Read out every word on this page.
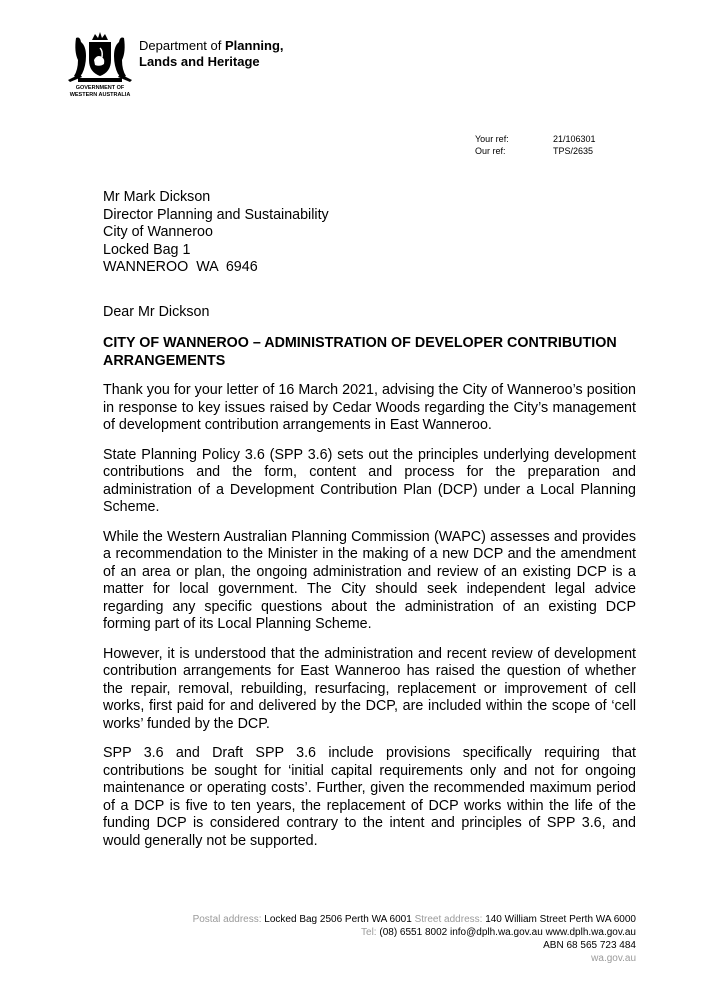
GOVERNMENT OF
WESTERN AUSTRALIA
Department of Planning,
Lands and Heritage
Your ref:	21/106301
Our ref:	TPS/2635
Mr Mark Dickson
Director Planning and Sustainability
City of Wanneroo
Locked Bag 1
WANNEROO  WA  6946
Dear Mr Dickson
CITY OF WANNEROO – ADMINISTRATION OF DEVELOPER CONTRIBUTION ARRANGEMENTS

Thank you for your letter of 16 March 2021, advising the City of Wanneroo’s position in response to key issues raised by Cedar Woods regarding the City’s management of development contribution arrangements in East Wanneroo.

State Planning Policy 3.6 (SPP 3.6) sets out the principles underlying development contributions and the form, content and process for the preparation and administration of a Development Contribution Plan (DCP) under a Local Planning Scheme.

While the Western Australian Planning Commission (WAPC) assesses and provides a recommendation to the Minister in the making of a new DCP and the amendment of an area or plan, the ongoing administration and review of an existing DCP is a matter for local government. The City should seek independent legal advice regarding any specific questions about the administration of an existing DCP forming part of its Local Planning Scheme.

However, it is understood that the administration and recent review of development contribution arrangements for East Wanneroo has raised the question of whether the repair, removal, rebuilding, resurfacing, replacement or improvement of cell works, first paid for and delivered by the DCP, are included within the scope of ‘cell works’ funded by the DCP.

SPP 3.6 and Draft SPP 3.6 include provisions specifically requiring that contributions be sought for ‘initial capital requirements only and not for ongoing maintenance or operating costs’. Further, given the recommended maximum period of a DCP is five to ten years, the replacement of DCP works within the life of the funding DCP is considered contrary to the intent and principles of SPP 3.6, and would generally not be supported.

Postal address: Locked Bag 2506 Perth WA 6001 Street address: 140 William Street Perth WA 6000
Tel: (08) 6551 8002 info@dplh.wa.gov.au www.dplh.wa.gov.au
ABN 68 565 723 484
wa.gov.au
